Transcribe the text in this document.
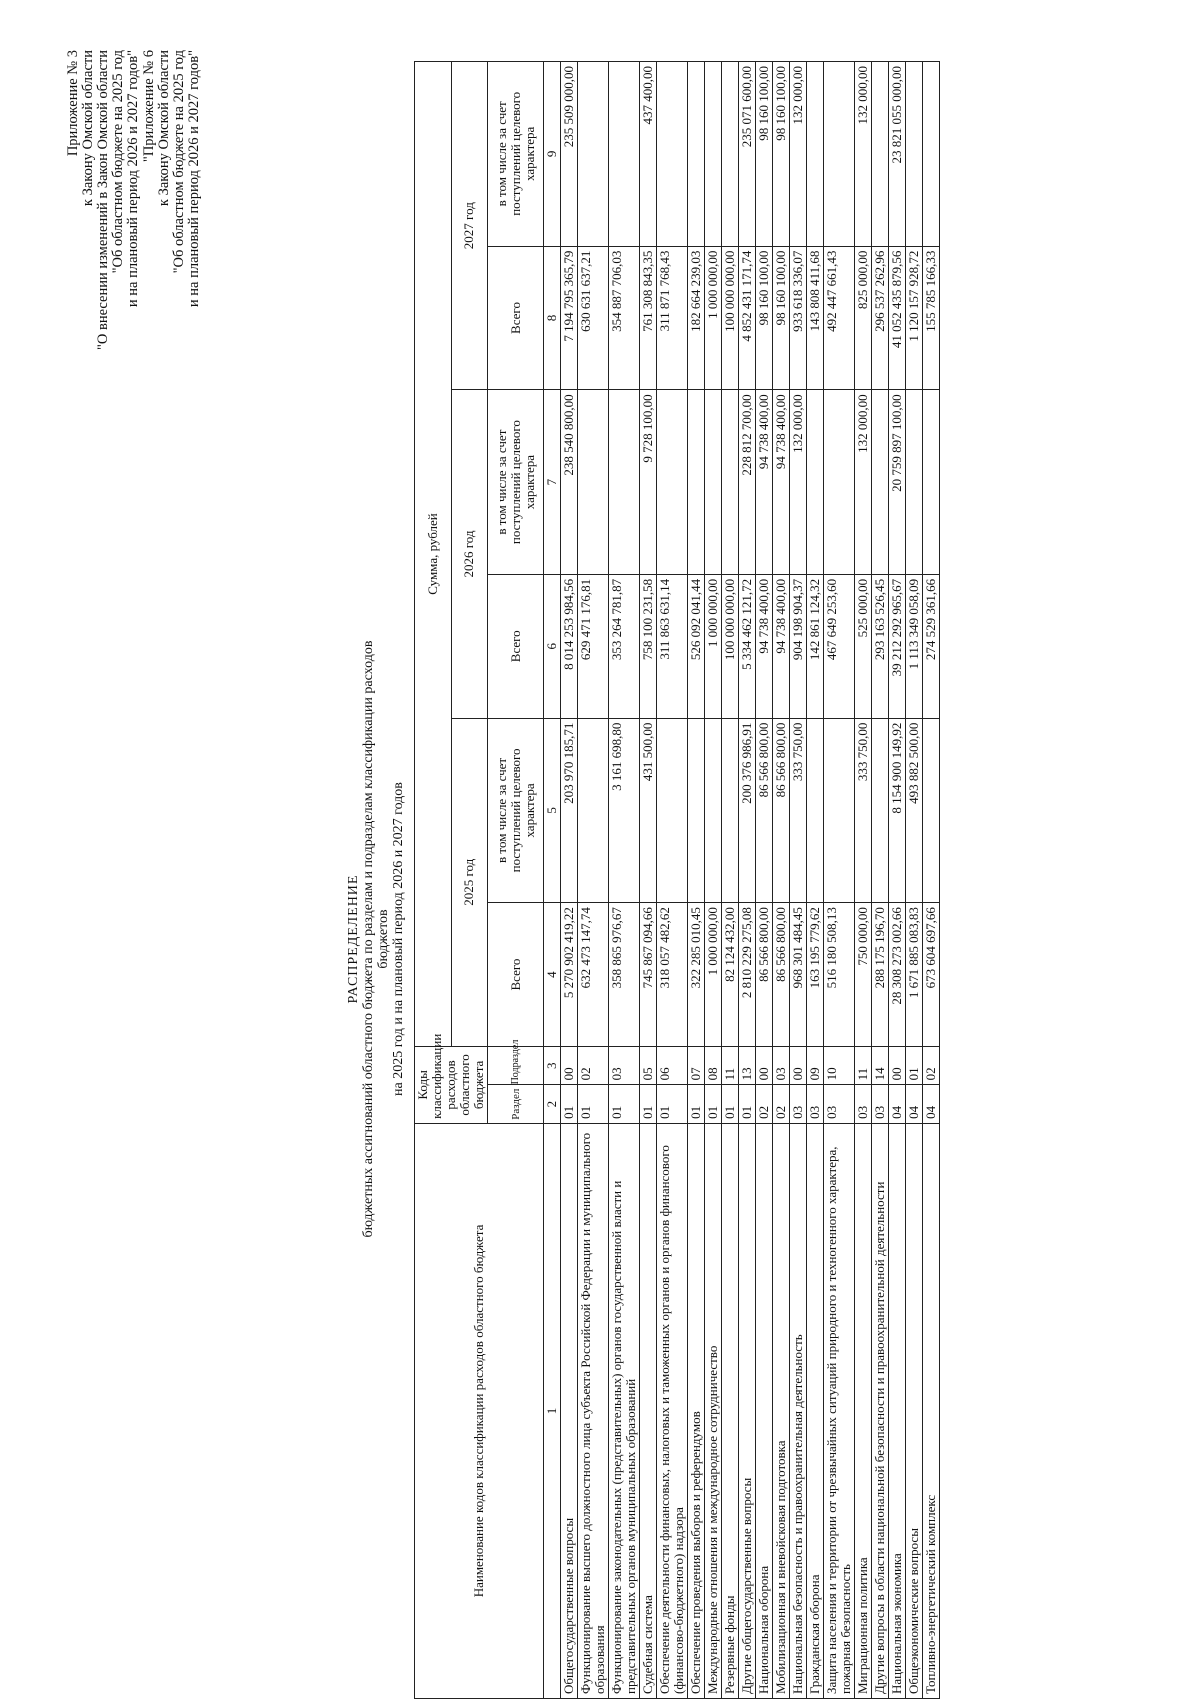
Приложение № 3 к Закону Омской области "О внесении изменений в Закон Омской области "Об областном бюджете на 2025 год и на плановый период 2026 и 2027 годов" "Приложение № 6 к Закону Омской области "Об областном бюджете на 2025 год и на плановый период 2026 и 2027 годов"
РАСПРЕДЕЛЕНИЕ бюджетных ассигнований областного бюджета по разделам и подразделам классификации расходов бюджетов на 2025 год и на плановый период 2026 и 2027 годов
Наименование кодов классификации расходов областного бюджета	Коды классификации расходов областного бюджета		Сумма, рублей					
			2025 год		2026 год		2027 год	
	Раздел	Подраздел	Всего	в том числе за счет поступлений целевого характера	Всего	в том числе за счет поступлений целевого характера	Всего	в том числе за счет поступлений целевого характера

1	2	3	4	5	6	7	8	9
Общегосударственные вопросы	01	00	5 270 902 419,22	203 970 185,71	8 014 253 984,56	238 540 800,00	7 194 795 365,79	235 509 000,00
Функционирование высшего должностного лица субъекта Российской Федерации и муниципального образования	01	02	632 473 147,74		629 471 176,81		630 631 637,21	
Функционирование законодательных (представительных) органов государственной власти и представительных органов муниципальных образований	01	03	358 865 976,67	3 161 698,80	353 264 781,87		354 887 706,03	
Судебная система	01	05	745 867 094,66	431 500,00	758 100 231,58	9 728 100,00	761 308 843,35	437 400,00
Обеспечение деятельности финансовых, налоговых и таможенных органов и органов финансового (финансово-бюджетного) надзора	01	06	318 057 482,62		311 863 631,14		311 871 768,43	
Обеспечение проведения выборов и референдумов	01	07	322 285 010,45		526 092 041,44		182 664 239,03	
Международные отношения и международное сотрудничество	01	08	1 000 000,00		1 000 000,00		1 000 000,00	
Резервные фонды	01	11	82 124 432,00		100 000 000,00		100 000 000,00	
Другие общегосударственные вопросы	01	13	2 810 229 275,08	200 376 986,91	5 334 462 121,72	228 812 700,00	4 852 431 171,74	235 071 600,00
Национальная оборона	02	00	86 566 800,00	86 566 800,00	94 738 400,00	94 738 400,00	98 160 100,00	98 160 100,00
Мобилизационная и вневойсковая подготовка	02	03	86 566 800,00	86 566 800,00	94 738 400,00	94 738 400,00	98 160 100,00	98 160 100,00
Национальная безопасность и правоохранительная деятельность	03	00	968 301 484,45	333 750,00	904 198 904,37	132 000,00	933 618 336,07	132 000,00
Гражданская оборона	03	09	163 195 779,62		142 861 124,32		143 808 411,68	
Защита населения и территории от чрезвычайных ситуаций природного и техногенного характера, пожарная безопасность	03	10	516 180 508,13		467 649 253,60		492 447 661,43	
Миграционная политика	03	11	750 000,00	333 750,00	525 000,00	132 000,00	825 000,00	132 000,00
Другие вопросы в области национальной безопасности и правоохранительной деятельности	03	14	288 175 196,70		293 163 526,45		296 537 262,96	
Национальная экономика	04	00	28 308 273 002,66	8 154 900 149,92	39 212 292 965,67	20 759 897 100,00	41 052 435 879,56	23 821 055 000,00
Общеэкономические вопросы	04	01	1 671 885 083,83	493 882 500,00	1 113 349 058,09		1 120 157 928,72	
Топливно-энергетический комплекс	04	02	673 604 697,66		274 529 361,66		155 785 166,33	
